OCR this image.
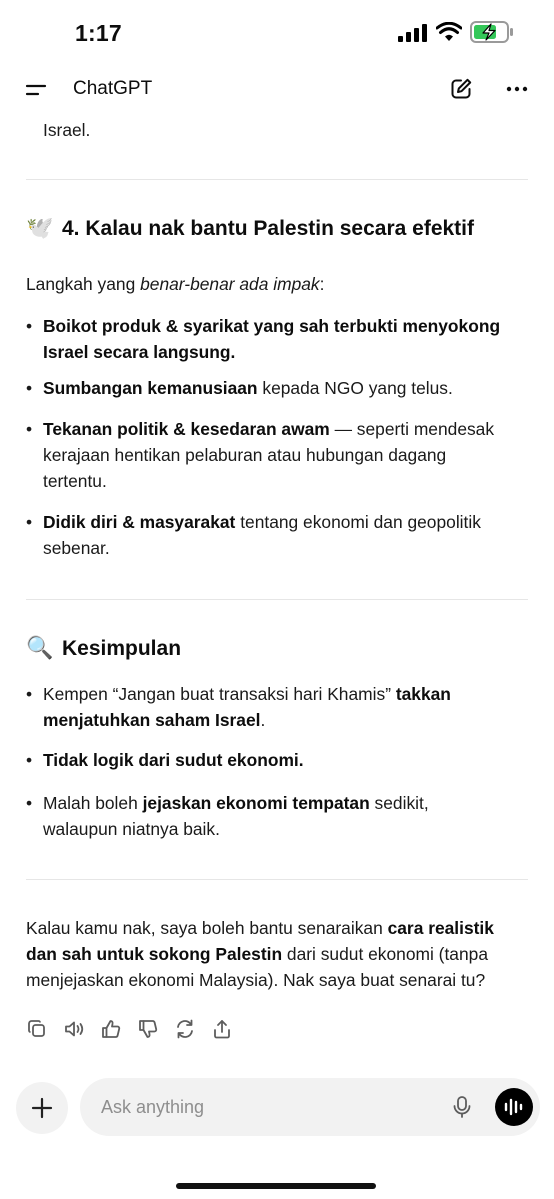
1:17
ChatGPT
Israel.
🕊️ 4. Kalau nak bantu Palestin secara efektif
Langkah yang benar-benar ada impak:
• Boikot produk & syarikat yang sah terbukti menyokong
Israel secara langsung.
• Sumbangan kemanusiaan kepada NGO yang telus.
• Tekanan politik & kesedaran awam — seperti mendesak
kerajaan hentikan pelaburan atau hubungan dagang
tertentu.
• Didik diri & masyarakat tentang ekonomi dan geopolitik
sebenar.
🔍 Kesimpulan
• Kempen “Jangan buat transaksi hari Khamis” takkan
menjatuhkan saham Israel.
• Tidak logik dari sudut ekonomi.
• Malah boleh jejaskan ekonomi tempatan sedikit,
walaupun niatnya baik.
Kalau kamu nak, saya boleh bantu senaraikan cara realistik
dan sah untuk sokong Palestin dari sudut ekonomi (tanpa
menjejaskan ekonomi Malaysia). Nak saya buat senarai tu?
Ask anything
